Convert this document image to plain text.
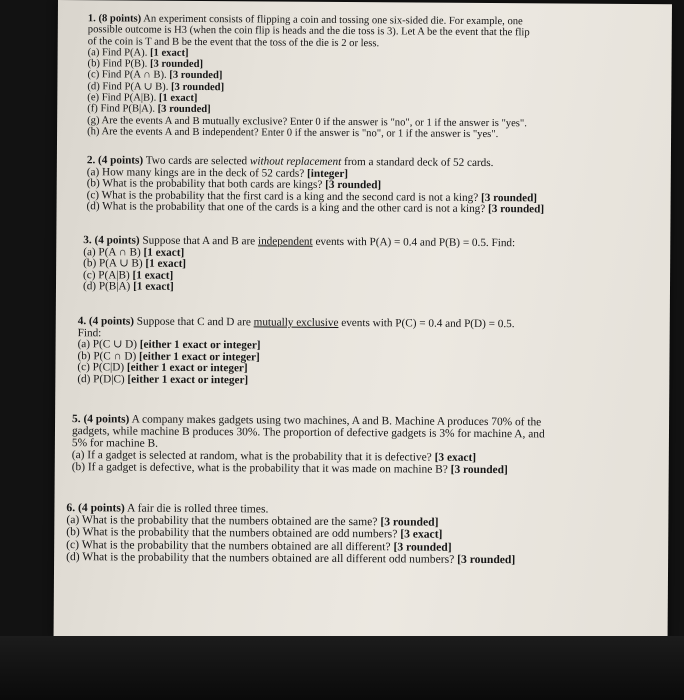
1. (8 points) An experiment consists of flipping a coin and tossing one six-sided die. For example, one
possible outcome is H3 (when the coin flip is heads and the die toss is 3). Let A be the event that the flip
of the coin is T and B be the event that the toss of the die is 2 or less.
(a) Find P(A). [1 exact]
(b) Find P(B). [3 rounded]
(c) Find P(A ∩ B). [3 rounded]
(d) Find P(A ∪ B). [3 rounded]
(e) Find P(A|B). [1 exact]
(f) Find P(B|A). [3 rounded]
(g) Are the events A and B mutually exclusive? Enter 0 if the answer is "no", or 1 if the answer is "yes".
(h) Are the events A and B independent? Enter 0 if the answer is "no", or 1 if the answer is "yes".
2. (4 points) Two cards are selected without replacement from a standard deck of 52 cards.
(a) How many kings are in the deck of 52 cards? [integer]
(b) What is the probability that both cards are kings? [3 rounded]
(c) What is the probability that the first card is a king and the second card is not a king? [3 rounded]
(d) What is the probability that one of the cards is a king and the other card is not a king? [3 rounded]
3. (4 points) Suppose that A and B are independent events with P(A) = 0.4 and P(B) = 0.5. Find:
(a) P(A ∩ B) [1 exact]
(b) P(A ∪ B) [1 exact]
(c) P(A|B) [1 exact]
(d) P(B|A) [1 exact]
4. (4 points) Suppose that C and D are mutually exclusive events with P(C) = 0.4 and P(D) = 0.5.
Find:
(a) P(C ∪ D) [either 1 exact or integer]
(b) P(C ∩ D) [either 1 exact or integer]
(c) P(C|D) [either 1 exact or integer]
(d) P(D|C) [either 1 exact or integer]
5. (4 points) A company makes gadgets using two machines, A and B. Machine A produces 70% of the
gadgets, while machine B produces 30%. The proportion of defective gadgets is 3% for machine A, and
5% for machine B.
(a) If a gadget is selected at random, what is the probability that it is defective? [3 exact]
(b) If a gadget is defective, what is the probability that it was made on machine B? [3 rounded]
6. (4 points) A fair die is rolled three times.
(a) What is the probability that the numbers obtained are the same? [3 rounded]
(b) What is the probability that the numbers obtained are odd numbers? [3 exact]
(c) What is the probability that the numbers obtained are all different? [3 rounded]
(d) What is the probability that the numbers obtained are all different odd numbers? [3 rounded]
